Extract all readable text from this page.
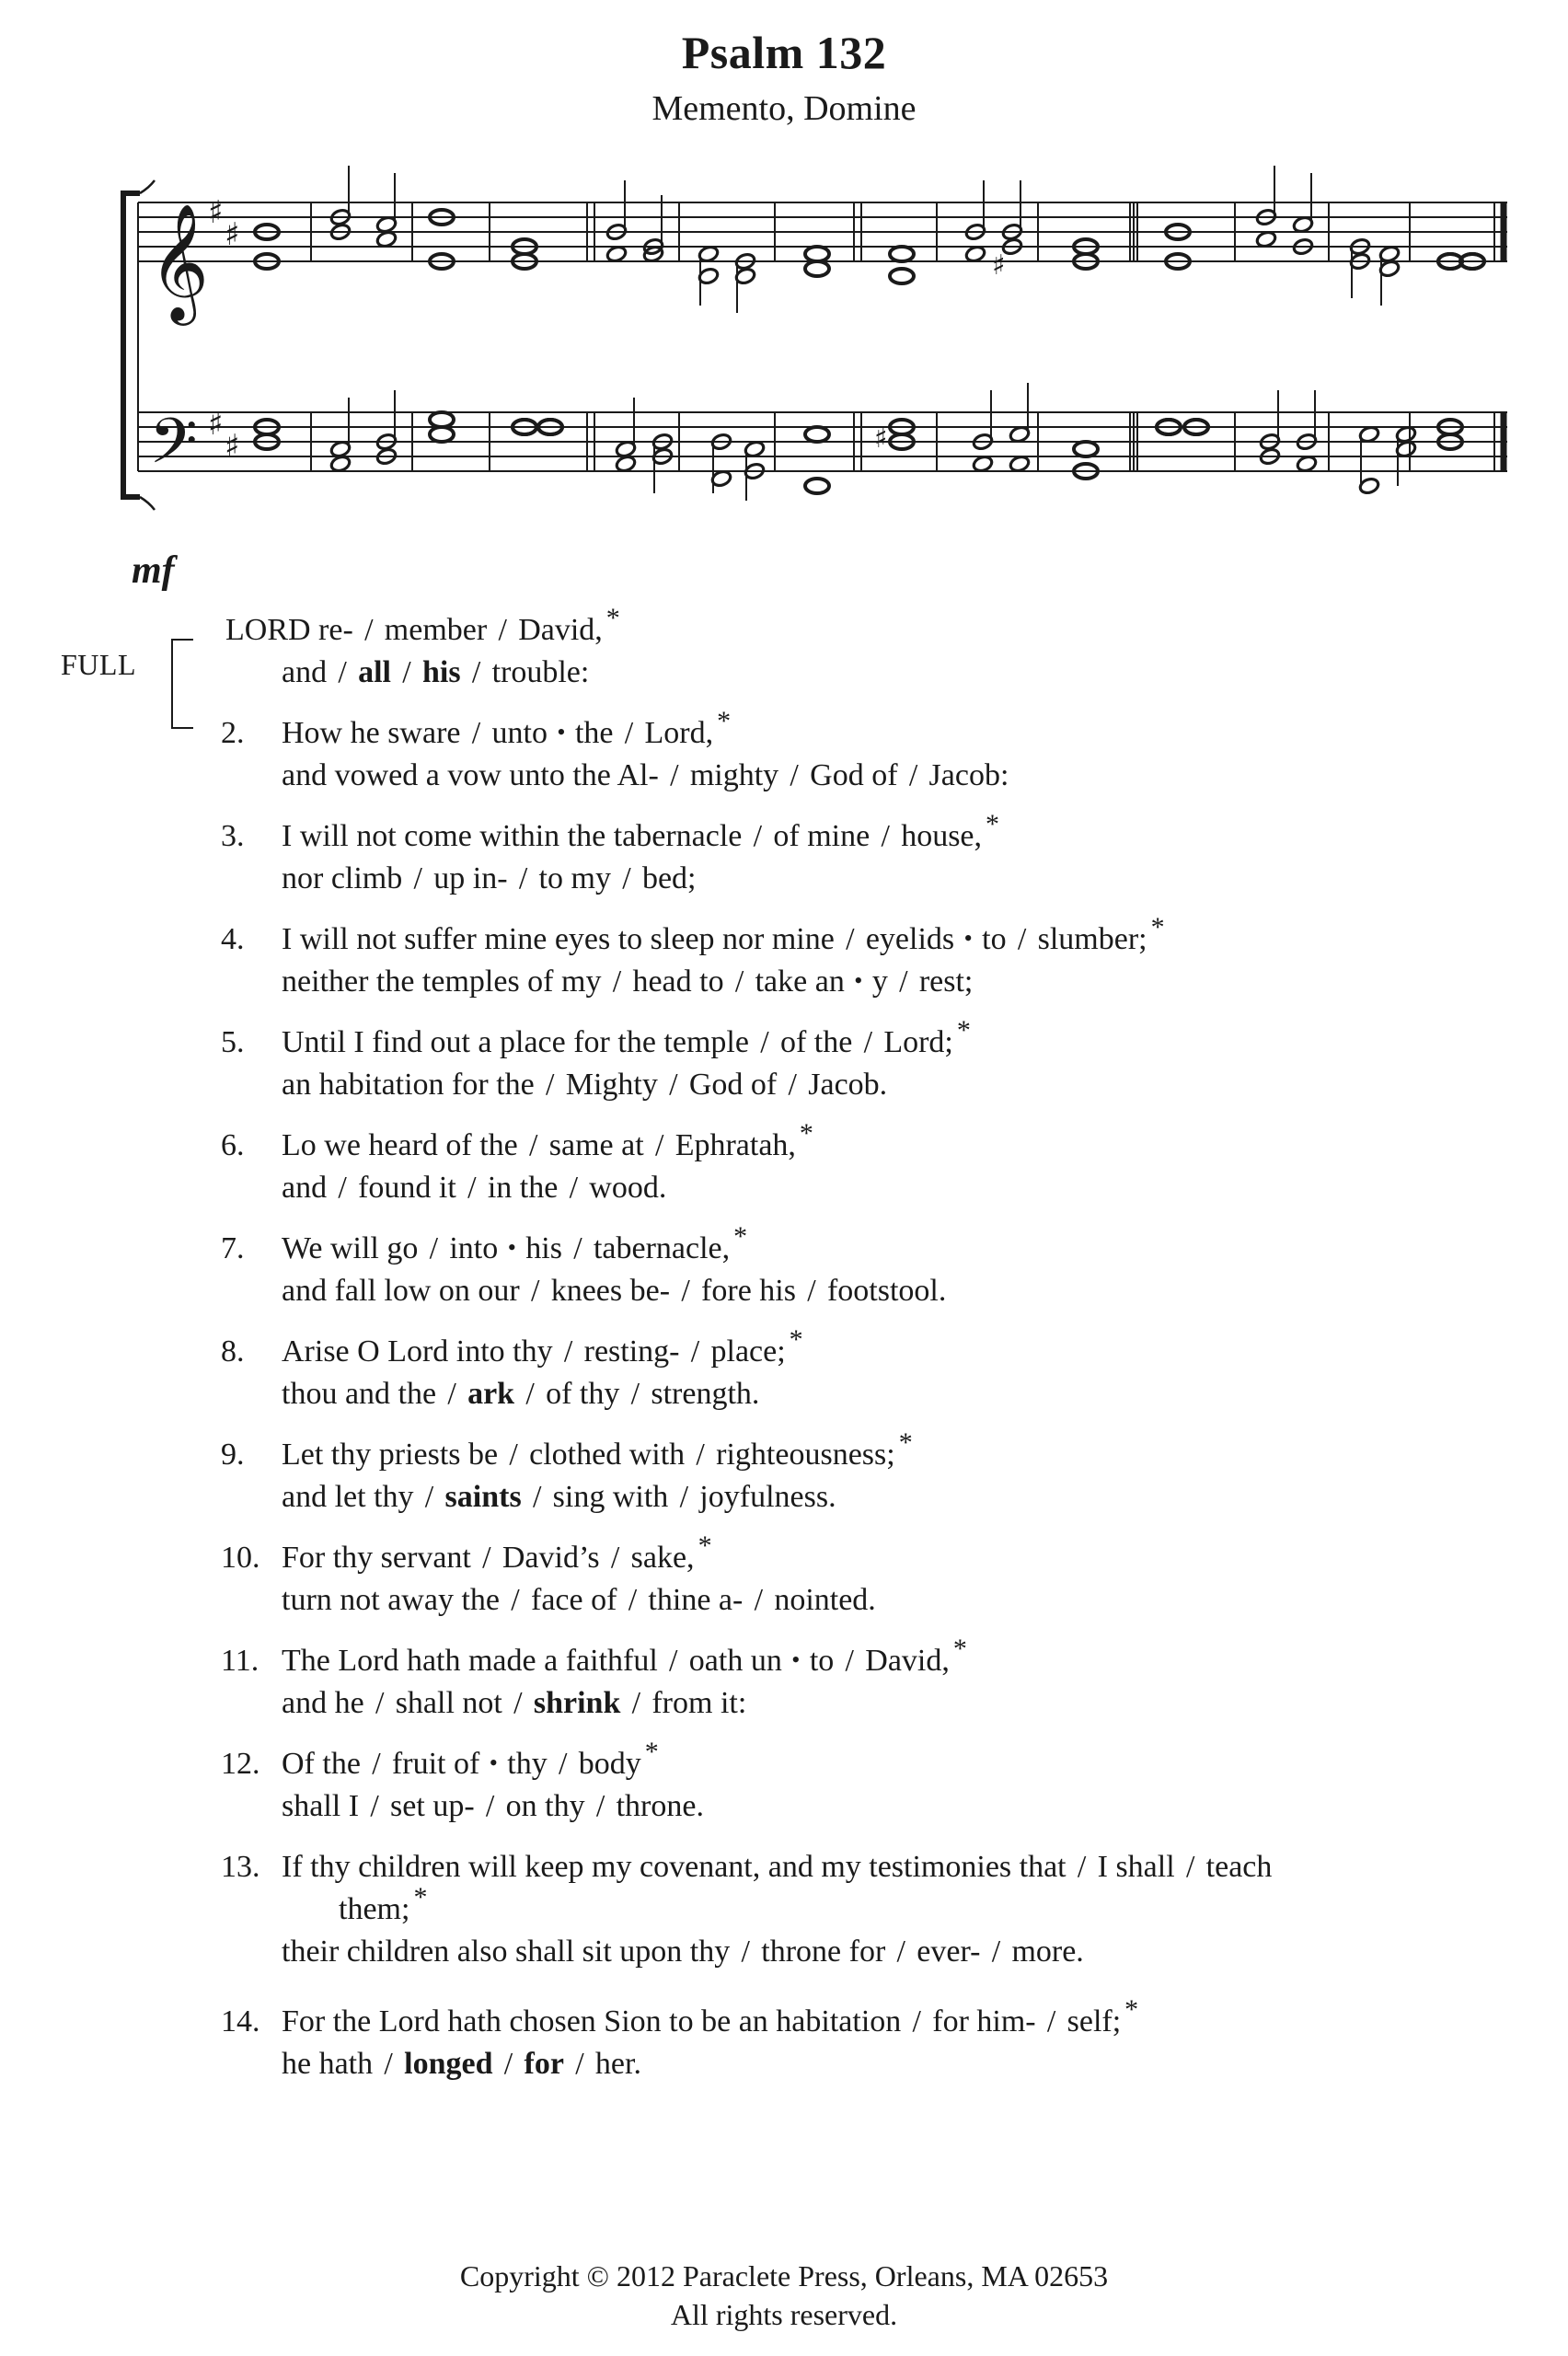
Psalm 132
Memento, Domine
𝄞
𝄢
♯
♯
♯
♯
♯
♯
mf
FULL
LORD re- / member / David, *
and / all / his / trouble:
2. How he sware / unto • the / Lord, *
and vowed a vow unto the Al- / mighty / God of / Jacob:
3. I will not come within the tabernacle / of mine / house, *
nor climb / up in- / to my / bed;
4. I will not suffer mine eyes to sleep nor mine / eyelids • to / slumber; *
neither the temples of my / head to / take an • y / rest;
5. Until I find out a place for the temple / of the / Lord; *
an habitation for the / Mighty / God of / Jacob.
6. Lo we heard of the / same at / Ephratah, *
and / found it / in the / wood.
7. We will go / into • his / tabernacle, *
and fall low on our / knees be- / fore his / footstool.
8. Arise O Lord into thy / resting- / place; *
thou and the / ark / of thy / strength.
9. Let thy priests be / clothed with / righteousness; *
and let thy / saints / sing with / joyfulness.
10. For thy servant / David’s / sake, *
turn not away the / face of / thine a- / nointed.
11. The Lord hath made a faithful / oath un • to / David, *
and he / shall not / shrink / from it:
12. Of the / fruit of • thy / body *
shall I / set up- / on thy / throne.
13. If thy children will keep my covenant, and my testimonies that / I shall / teach
them; *
their children also shall sit upon thy / throne for / ever- / more.
14. For the Lord hath chosen Sion to be an habitation / for him- / self; *
he hath / longed / for / her.
Copyright © 2012 Paraclete Press, Orleans, MA 02653
All rights reserved.
